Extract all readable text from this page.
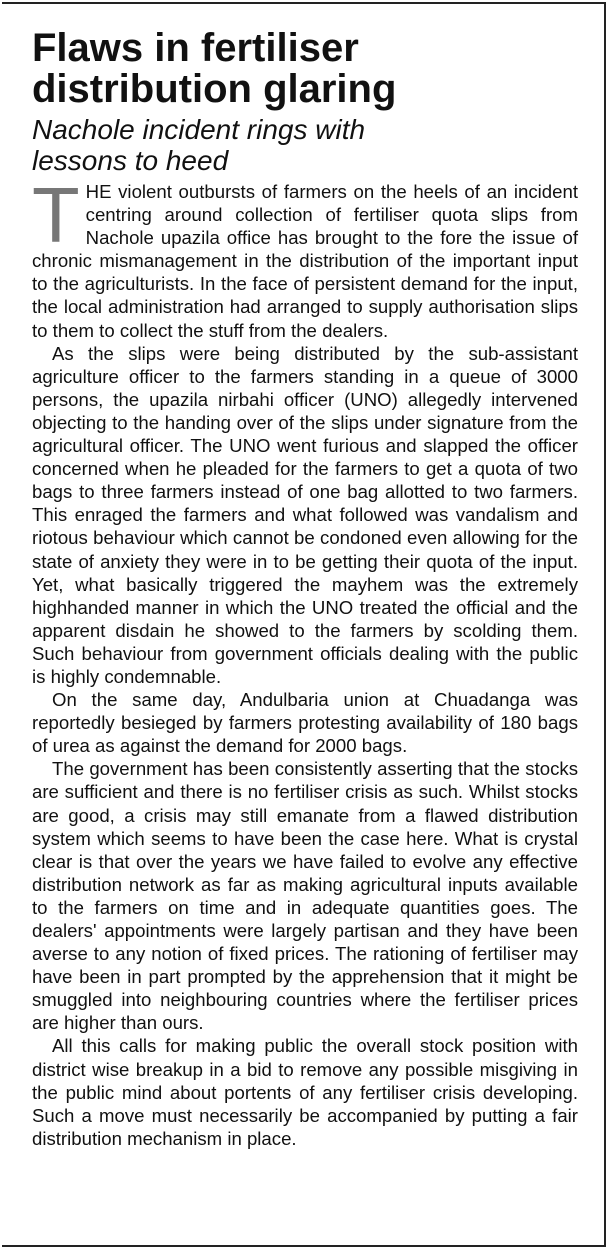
Flaws in fertiliser
distribution glaring
Nachole incident rings with
lessons to heed

THE violent outbursts of farmers on the heels of an incident centring around collection of fertiliser quota slips from Nachole upazila office has brought to the fore the issue of chronic mismanagement in the distribution of the important input to the agriculturists. In the face of persistent demand for the input, the local administration had arranged to supply authorisation slips to them to collect the stuff from the dealers.

As the slips were being distributed by the sub-assistant agriculture officer to the farmers standing in a queue of 3000 persons, the upazila nirbahi officer (UNO) allegedly intervened objecting to the handing over of the slips under signature from the agricultural officer. The UNO went furious and slapped the officer concerned when he pleaded for the farmers to get a quota of two bags to three farmers instead of one bag allotted to two farmers. This enraged the farmers and what followed was vandalism and riotous behaviour which cannot be condoned even allowing for the state of anxiety they were in to be getting their quota of the input. Yet, what basically triggered the mayhem was the extremely highhanded manner in which the UNO treated the official and the apparent disdain he showed to the farmers by scolding them. Such behaviour from government officials dealing with the public is highly condemnable.

On the same day, Andulbaria union at Chuadanga was reportedly besieged by farmers protesting availability of 180 bags of urea as against the demand for 2000 bags.

The government has been consistently asserting that the stocks are sufficient and there is no fertiliser crisis as such. Whilst stocks are good, a crisis may still emanate from a flawed distribution system which seems to have been the case here. What is crystal clear is that over the years we have failed to evolve any effective distribution network as far as making agricultural inputs available to the farmers on time and in adequate quantities goes. The dealers' appointments were largely partisan and they have been averse to any notion of fixed prices. The rationing of fertiliser may have been in part prompted by the apprehension that it might be smuggled into neighbouring countries where the fertiliser prices are higher than ours.

All this calls for making public the overall stock position with district wise breakup in a bid to remove any possible misgiving in the public mind about portents of any fertiliser crisis developing. Such a move must necessarily be accompanied by putting a fair distribution mechanism in place.
